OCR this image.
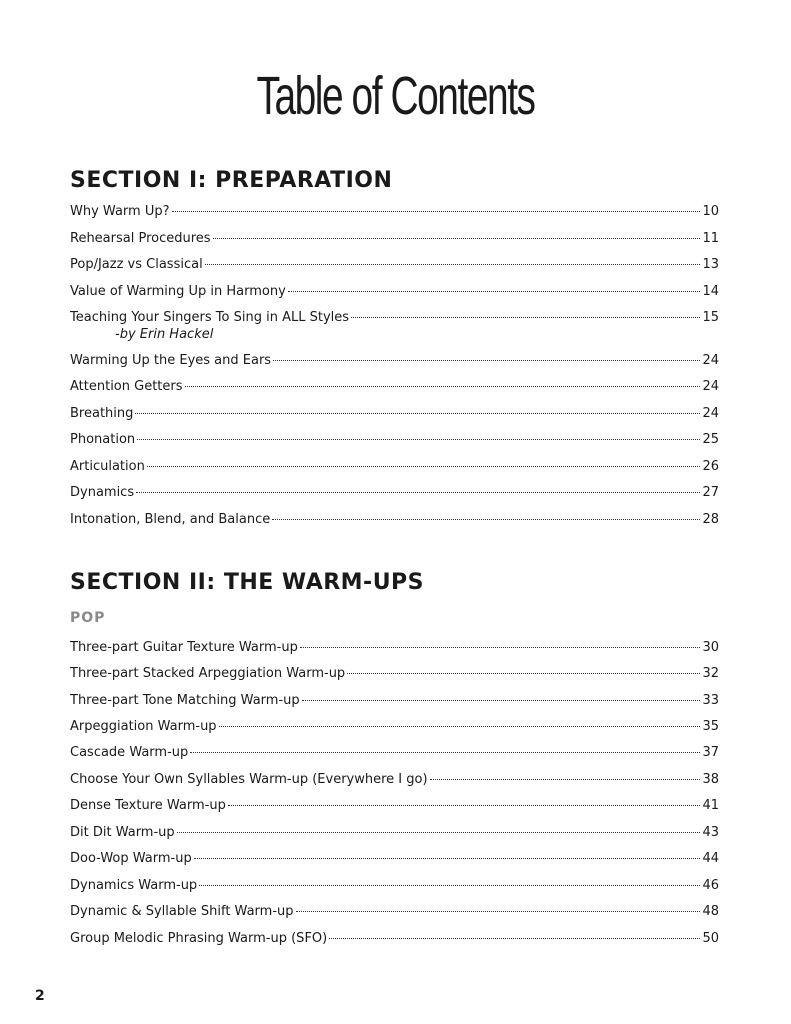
Table of Contents
SECTION I: PREPARATION
Why Warm Up?	10
Rehearsal Procedures	11
Pop/Jazz vs Classical	13
Value of Warming Up in Harmony	14
Teaching Your Singers To Sing in ALL Styles	15
-by Erin Hackel
Warming Up the Eyes and Ears	24
Attention Getters	24
Breathing	24
Phonation	25
Articulation	26
Dynamics	27
Intonation, Blend, and Balance	28
SECTION II: THE WARM-UPS
POP
Three-part Guitar Texture Warm-up	30
Three-part Stacked Arpeggiation Warm-up	32
Three-part Tone Matching Warm-up	33
Arpeggiation Warm-up	35
Cascade Warm-up	37
Choose Your Own Syllables Warm-up (Everywhere I go)	38
Dense Texture Warm-up	41
Dit Dit Warm-up	43
Doo-Wop Warm-up	44
Dynamics Warm-up	46
Dynamic & Syllable Shift Warm-up	48
Group Melodic Phrasing Warm-up (SFO)	50
2
